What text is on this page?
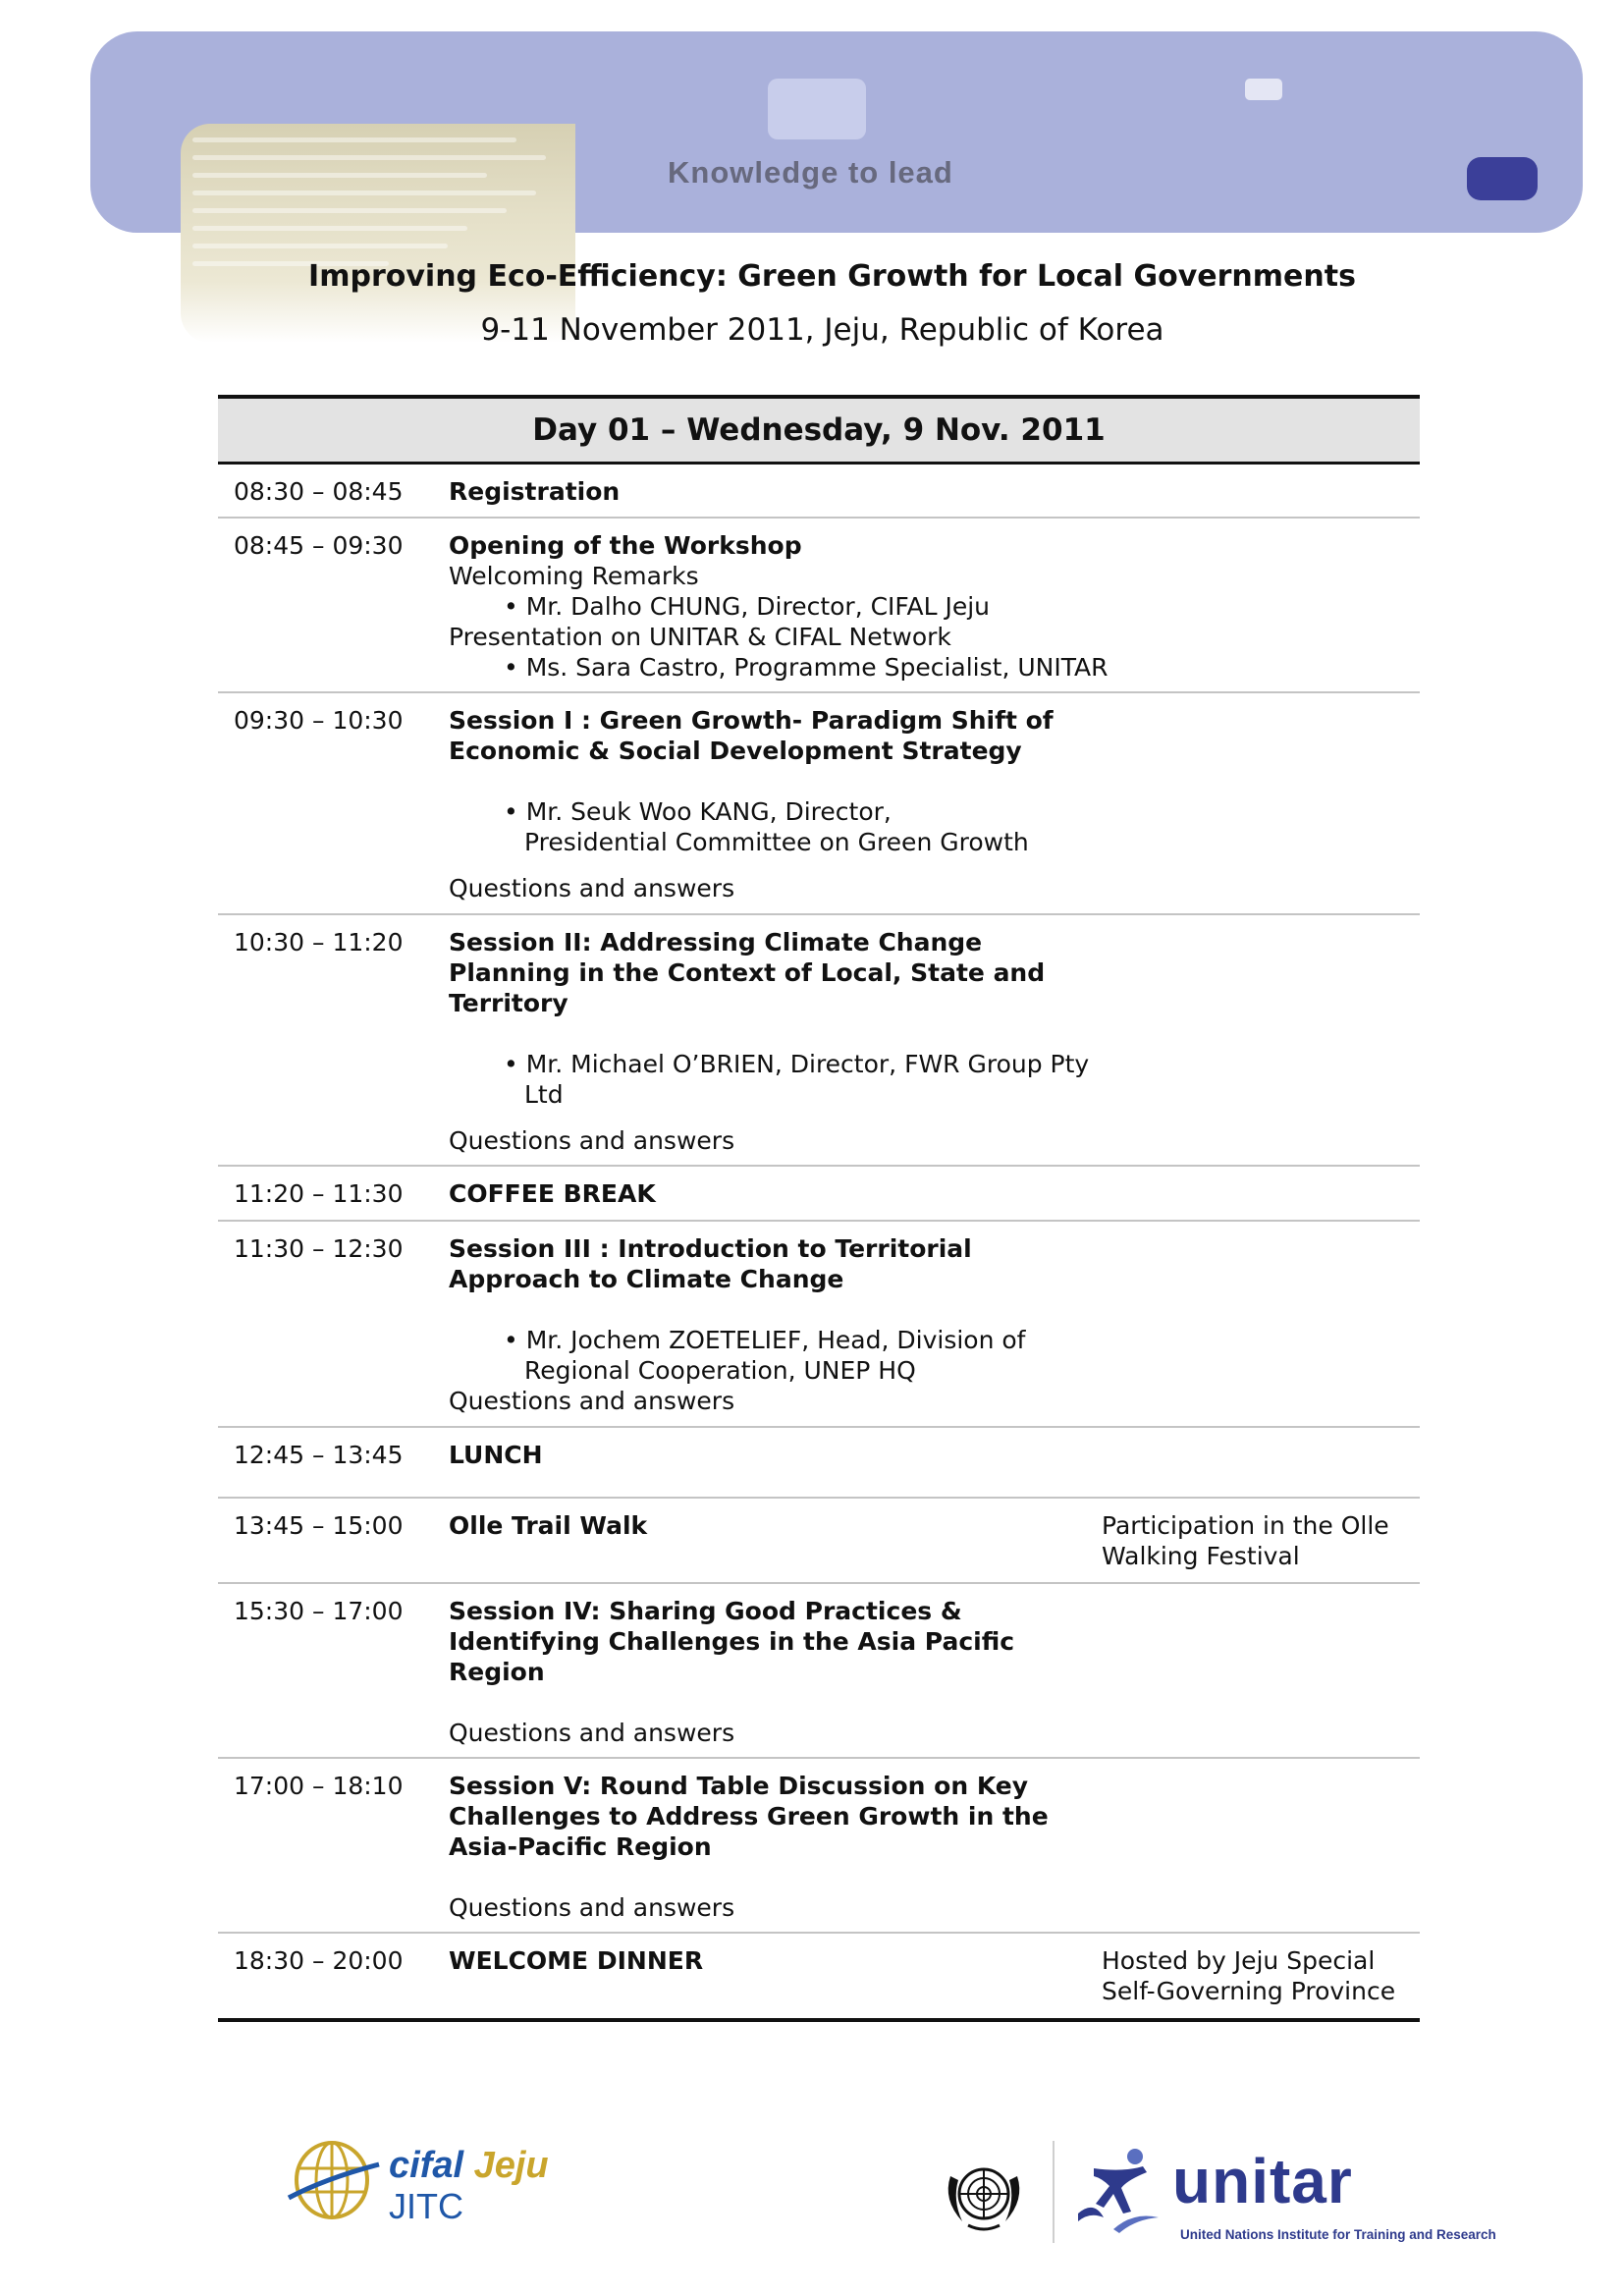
Knowledge to lead
Improving Eco-Efficiency: Green Growth for Local Governments
9-11 November 2011, Jeju, Republic of Korea
Day 01 – Wednesday, 9 Nov. 2011
08:30 – 08:45	Registration
08:45 – 09:30	Opening of the Workshop
Welcoming Remarks
• Mr. Dalho CHUNG, Director, CIFAL Jeju
Presentation on UNITAR & CIFAL Network
• Ms. Sara Castro, Programme Specialist, UNITAR
09:30 – 10:30	Session I : Green Growth- Paradigm Shift of Economic & Social Development Strategy
• Mr. Seuk Woo KANG, Director,
Presidential Committee on Green Growth
Questions and answers
10:30 – 11:20	Session II: Addressing Climate Change Planning in the Context of Local, State and Territory
• Mr. Michael O’BRIEN, Director, FWR Group Pty Ltd
Questions and answers
11:20 – 11:30	COFFEE BREAK
11:30 – 12:30	Session III : Introduction to Territorial Approach to Climate Change
• Mr. Jochem ZOETELIEF, Head, Division of Regional Cooperation, UNEP HQ
Questions and answers
12:45 – 13:45	LUNCH
13:45 – 15:00	Olle Trail Walk	Participation in the Olle Walking Festival
15:30 – 17:00	Session IV: Sharing Good Practices & Identifying Challenges in the Asia Pacific Region
Questions and answers
17:00 – 18:10	Session V: Round Table Discussion on Key Challenges to Address Green Growth in the Asia-Pacific Region
Questions and answers
18:30 – 20:00	WELCOME DINNER	Hosted by Jeju Special Self-Governing Province
cifal Jeju
JITC	unitar
United Nations Institute for Training and Research
